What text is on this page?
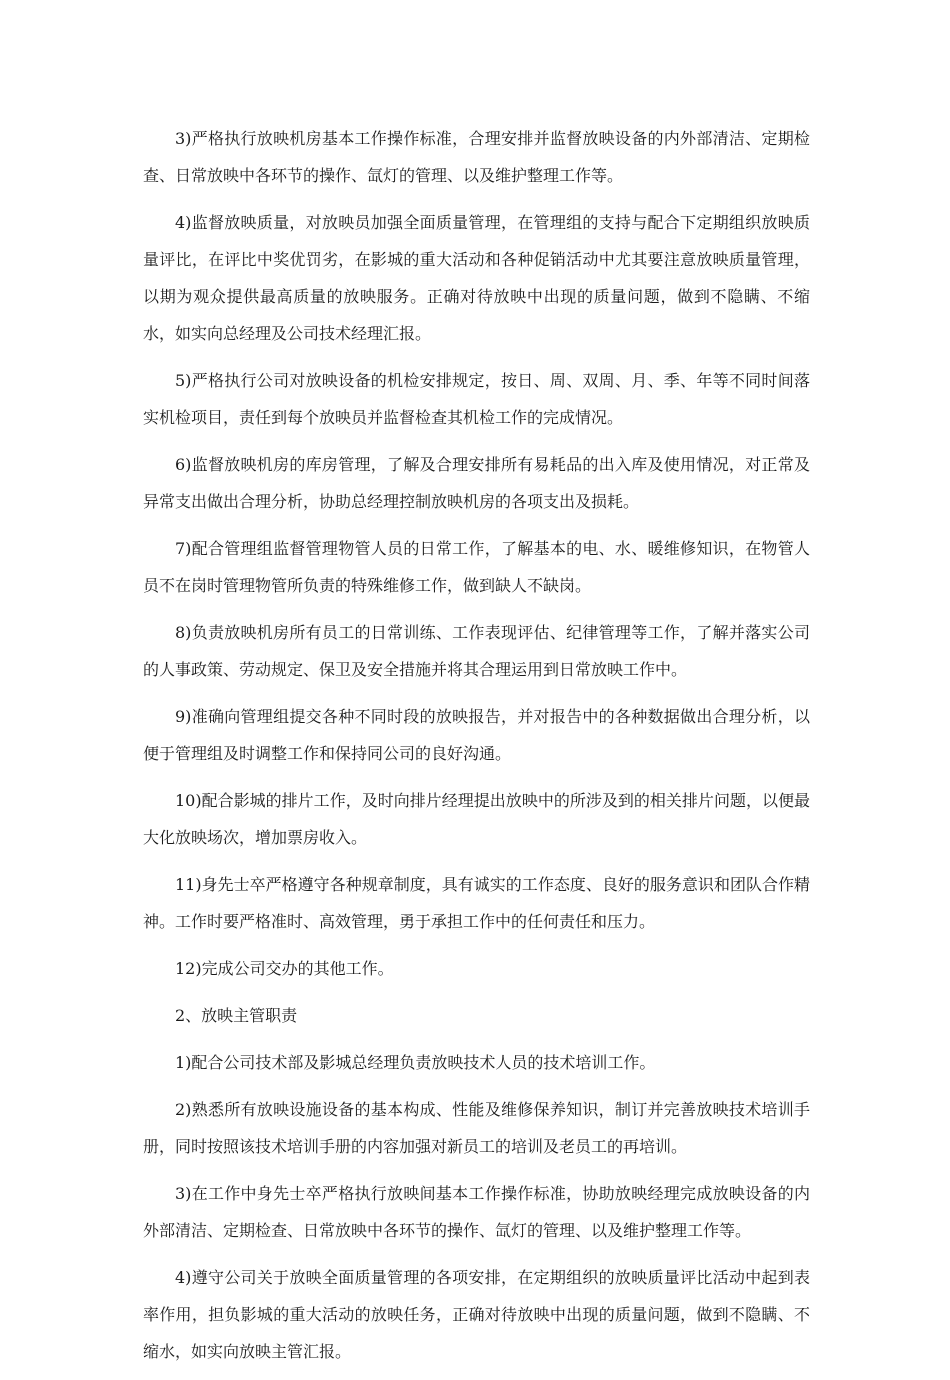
3)严格执行放映机房基本工作操作标准，合理安排并监督放映设备的内外部清洁、定期检查、日常放映中各环节的操作、氙灯的管理、以及维护整理工作等。

4)监督放映质量，对放映员加强全面质量管理，在管理组的支持与配合下定期组织放映质量评比，在评比中奖优罚劣，在影城的重大活动和各种促销活动中尤其要注意放映质量管理，以期为观众提供最高质量的放映服务。正确对待放映中出现的质量问题，做到不隐瞒、不缩水，如实向总经理及公司技术经理汇报。

5)严格执行公司对放映设备的机检安排规定，按日、周、双周、月、季、年等不同时间落实机检项目，责任到每个放映员并监督检查其机检工作的完成情况。

6)监督放映机房的库房管理，了解及合理安排所有易耗品的出入库及使用情况，对正常及异常支出做出合理分析，协助总经理控制放映机房的各项支出及损耗。

7)配合管理组监督管理物管人员的日常工作，了解基本的电、水、暖维修知识，在物管人员不在岗时管理物管所负责的特殊维修工作，做到缺人不缺岗。

8)负责放映机房所有员工的日常训练、工作表现评估、纪律管理等工作，了解并落实公司的人事政策、劳动规定、保卫及安全措施并将其合理运用到日常放映工作中。

9)准确向管理组提交各种不同时段的放映报告，并对报告中的各种数据做出合理分析，以便于管理组及时调整工作和保持同公司的良好沟通。

10)配合影城的排片工作，及时向排片经理提出放映中的所涉及到的相关排片问题，以便最大化放映场次，增加票房收入。

11)身先士卒严格遵守各种规章制度，具有诚实的工作态度、良好的服务意识和团队合作精神。工作时要严格准时、高效管理，勇于承担工作中的任何责任和压力。

12)完成公司交办的其他工作。

2、放映主管职责

1)配合公司技术部及影城总经理负责放映技术人员的技术培训工作。

2)熟悉所有放映设施设备的基本构成、性能及维修保养知识，制订并完善放映技术培训手册，同时按照该技术培训手册的内容加强对新员工的培训及老员工的再培训。

3)在工作中身先士卒严格执行放映间基本工作操作标准，协助放映经理完成放映设备的内外部清洁、定期检查、日常放映中各环节的操作、氙灯的管理、以及维护整理工作等。

4)遵守公司关于放映全面质量管理的各项安排，在定期组织的放映质量评比活动中起到表率作用，担负影城的重大活动的放映任务，正确对待放映中出现的质量问题，做到不隐瞒、不缩水，如实向放映主管汇报。
